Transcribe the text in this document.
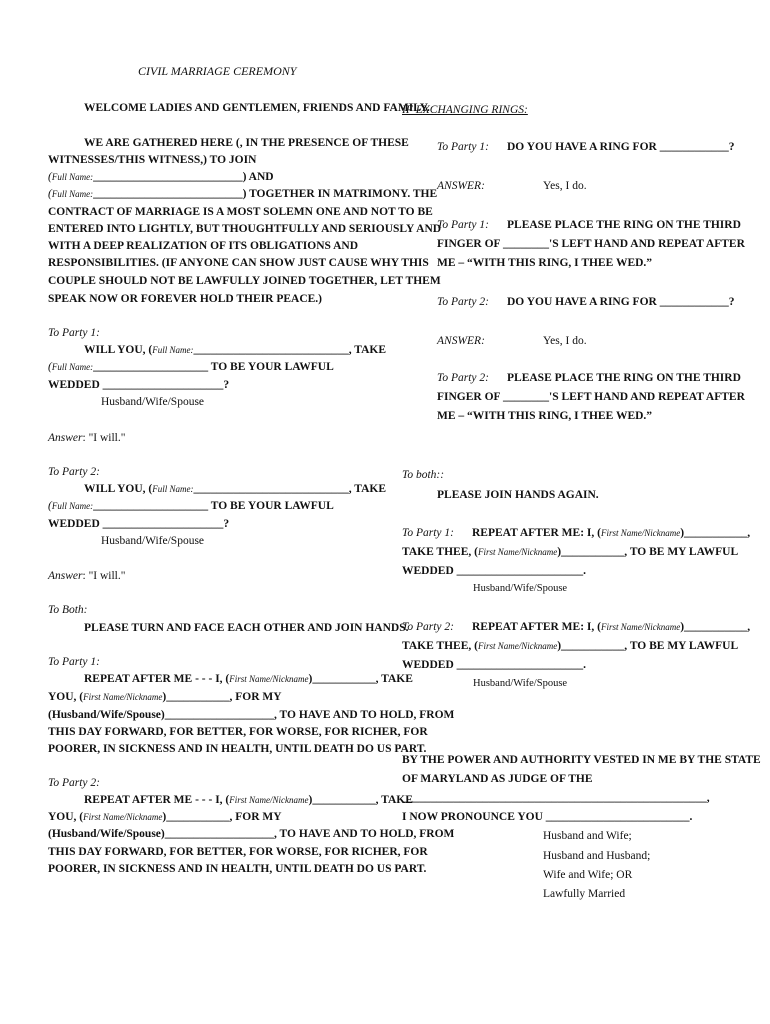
CIVIL MARRIAGE CEREMONY
WELCOME LADIES AND GENTLEMEN, FRIENDS AND FAMILY.
WE ARE GATHERED HERE (, IN THE PRESENCE OF THESE
WITNESSES/THIS WITNESS,) TO JOIN
(Full Name:__________________________) AND
(Full Name:__________________________) TOGETHER IN MATRIMONY. THE
CONTRACT OF MARRIAGE IS A MOST SOLEMN ONE AND NOT TO BE
ENTERED INTO LIGHTLY, BUT THOUGHTFULLY AND SERIOUSLY AND
WITH A DEEP REALIZATION OF ITS OBLIGATIONS AND
RESPONSIBILITIES. (IF ANYONE CAN SHOW JUST CAUSE WHY THIS
COUPLE SHOULD NOT BE LAWFULLY JOINED TOGETHER, LET THEM
SPEAK NOW OR FOREVER HOLD THEIR PEACE.)
To Party 1:
WILL YOU, (Full Name:___________________________, TAKE
(Full Name:____________________ TO BE YOUR LAWFUL
WEDDED _____________________?
Husband/Wife/Spouse
Answer: "I will."
To Party 2:
WILL YOU, (Full Name:___________________________, TAKE
(Full Name:____________________ TO BE YOUR LAWFUL
WEDDED _____________________?
Husband/Wife/Spouse
Answer: "I will."
To Both:
PLEASE TURN AND FACE EACH OTHER AND JOIN HANDS.
To Party 1:
REPEAT AFTER ME - - - I, (First Name/Nickname)___________, TAKE
YOU, (First Name/Nickname)___________, FOR MY
(Husband/Wife/Spouse)___________________, TO HAVE AND TO HOLD, FROM
THIS DAY FORWARD, FOR BETTER, FOR WORSE, FOR RICHER, FOR
POORER, IN SICKNESS AND IN HEALTH, UNTIL DEATH DO US PART.
To Party 2:
REPEAT AFTER ME - - - I, (First Name/Nickname)___________, TAKE
YOU, (First Name/Nickname)___________, FOR MY
(Husband/Wife/Spouse)___________________, TO HAVE AND TO HOLD, FROM
THIS DAY FORWARD, FOR BETTER, FOR WORSE, FOR RICHER, FOR
POORER, IN SICKNESS AND IN HEALTH, UNTIL DEATH DO US PART.
IF EXCHANGING RINGS:
To Party 1: DO YOU HAVE A RING FOR ____________?
ANSWER:	Yes, I do.
To Party 1: PLEASE PLACE THE RING ON THE THIRD
FINGER OF ________'S LEFT HAND AND REPEAT AFTER
ME – “WITH THIS RING, I THEE WED.”
To Party 2: DO YOU HAVE A RING FOR ____________?
ANSWER:	Yes, I do.
To Party 2: PLEASE PLACE THE RING ON THE THIRD
FINGER OF ________'S LEFT HAND AND REPEAT AFTER
ME – “WITH THIS RING, I THEE WED.”
To both::
PLEASE JOIN HANDS AGAIN.
To Party 1: REPEAT AFTER ME: I, (First Name/Nickname)___________,
TAKE THEE, (First Name/Nickname)___________, TO BE MY LAWFUL
WEDDED ______________________.
Husband/Wife/Spouse
To Party 2: REPEAT AFTER ME: I, (First Name/Nickname)___________,
TAKE THEE, (First Name/Nickname)___________, TO BE MY LAWFUL
WEDDED ______________________.
Husband/Wife/Spouse
BY THE POWER AND AUTHORITY VESTED IN ME BY THE STATE
OF MARYLAND AS JUDGE OF THE
_____________________________________________________,
I NOW PRONOUNCE YOU _________________________.
Husband and Wife;
Husband and Husband;
Wife and Wife; OR
Lawfully Married
